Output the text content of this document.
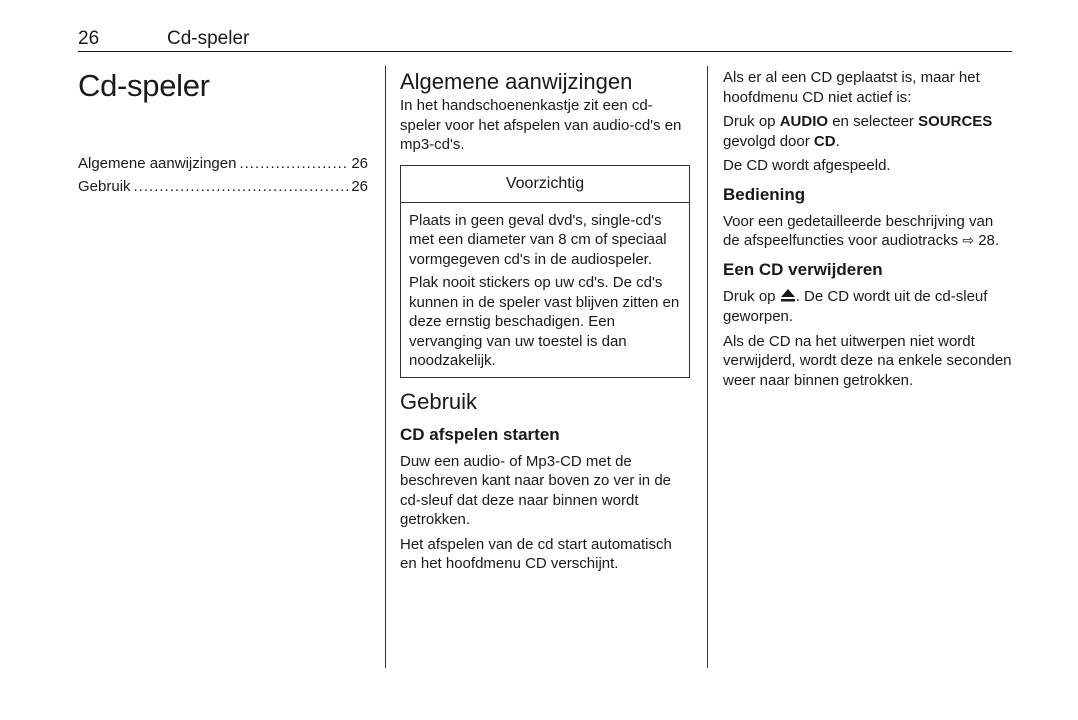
26	Cd-speler
Cd-speler
Algemene aanwijzingen .....	26
Gebruik .....	26
Algemene aanwijzingen

In het handschoenenkastje zit een cd-speler voor het afspelen van audio-cd's en mp3-cd's.

Voorzichtig

Plaats in geen geval dvd's, single-cd's met een diameter van 8 cm of speciaal vormgegeven cd's in de audiospeler.

Plak nooit stickers op uw cd's. De cd's kunnen in de speler vast blijven zitten en deze ernstig beschadigen. Een vervanging van uw toestel is dan noodzakelijk.

Gebruik
CD afspelen starten

Duw een audio- of Mp3-CD met de beschreven kant naar boven zo ver in de cd-sleuf dat deze naar binnen wordt getrokken.

Het afspelen van de cd start automatisch en het hoofdmenu CD verschijnt.

Als er al een CD geplaatst is, maar het hoofdmenu CD niet actief is:

Druk op AUDIO en selecteer SOURCES gevolgd door CD.

De CD wordt afgespeeld.

Bediening

Voor een gedetailleerde beschrijving van de afspeelfuncties voor audiotracks ⇨ 28.

Een CD verwijderen

Druk op . De CD wordt uit de cd-sleuf geworpen.

Als de CD na het uitwerpen niet wordt verwijderd, wordt deze na enkele seconden weer naar binnen getrokken.
